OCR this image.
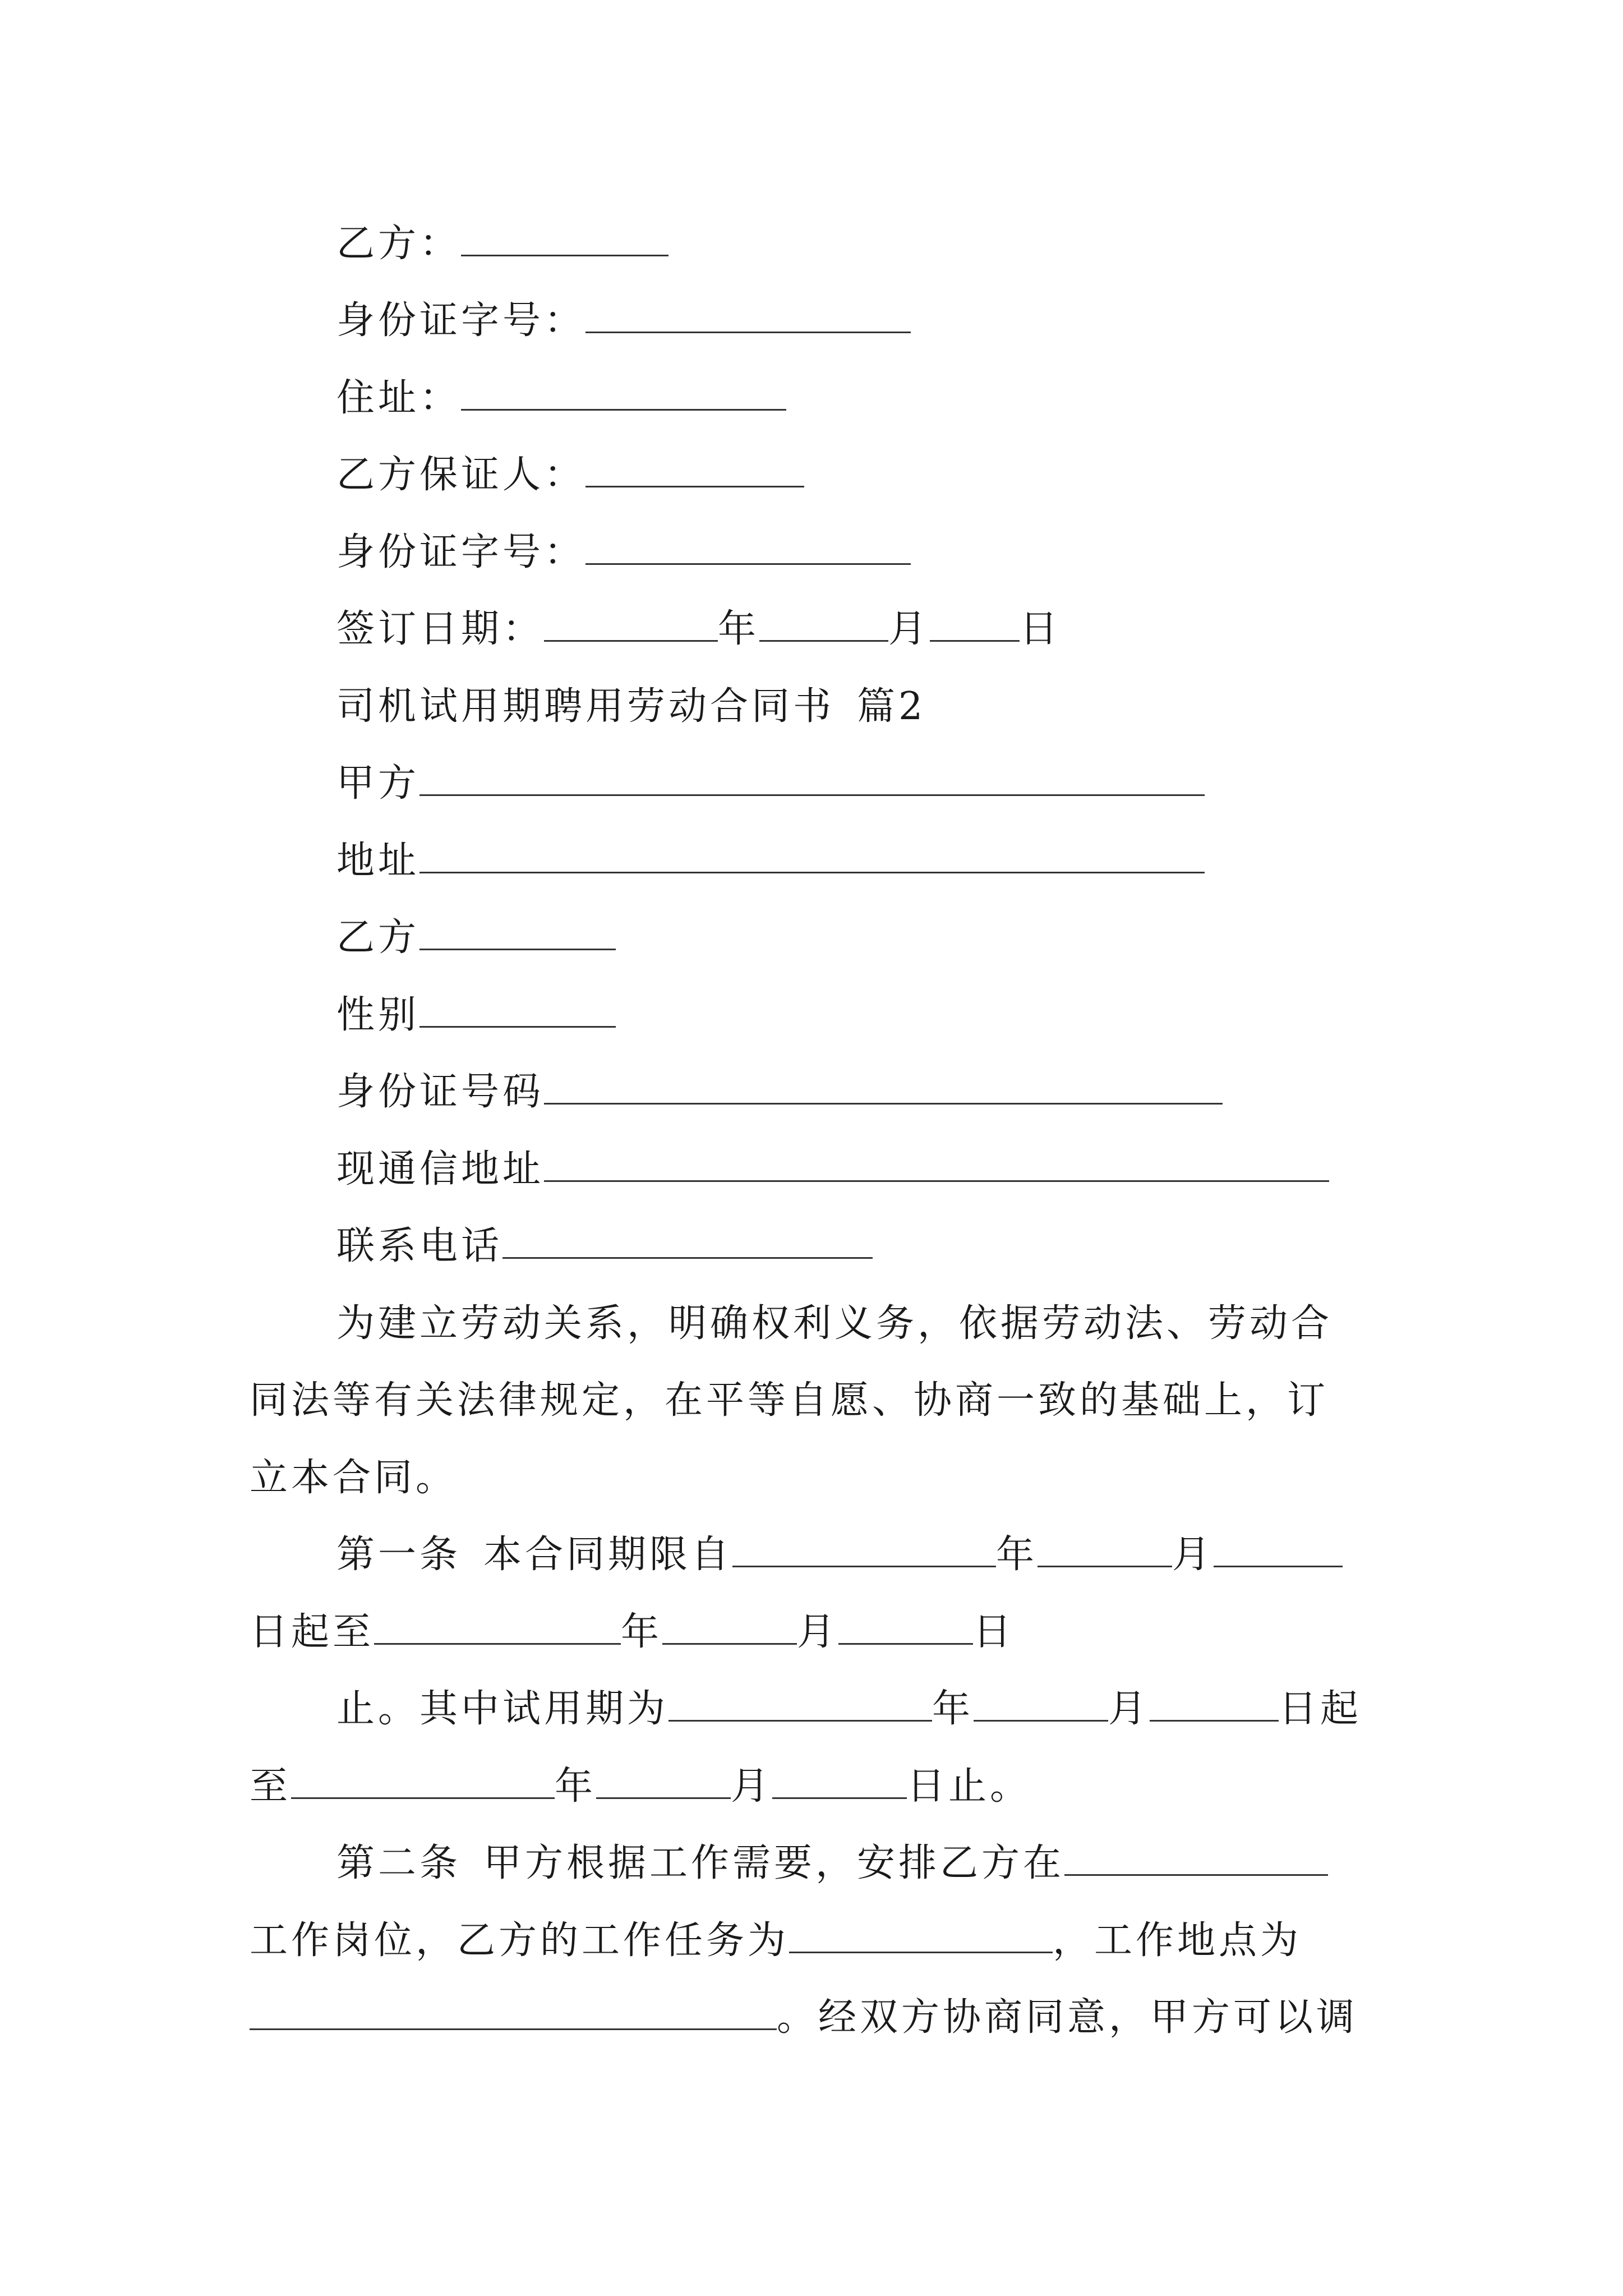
乙方：
身份证字号：
住址：
乙方保证人：
身份证字号：
签订日期：	年	月 日
司机试用期聘用劳动合同书 篇2
甲方
地址
乙方
性别
身份证号码
现通信地址
联系电话
为建立劳动关系，明确权利义务，依据劳动法、劳动合
同法等有关法律规定，在平等自愿、协商一致的基础上，订
立本合同。
第一条 本合同期限自	年	月
日起至	年	月	日
止。其中试用期为	年	月	日起
至	年	月	日止。
第二条 甲方根据工作需要，安排乙方在
工作岗位，乙方的工作任务为	，工作地点为
。经双方协商同意，甲方可以调
